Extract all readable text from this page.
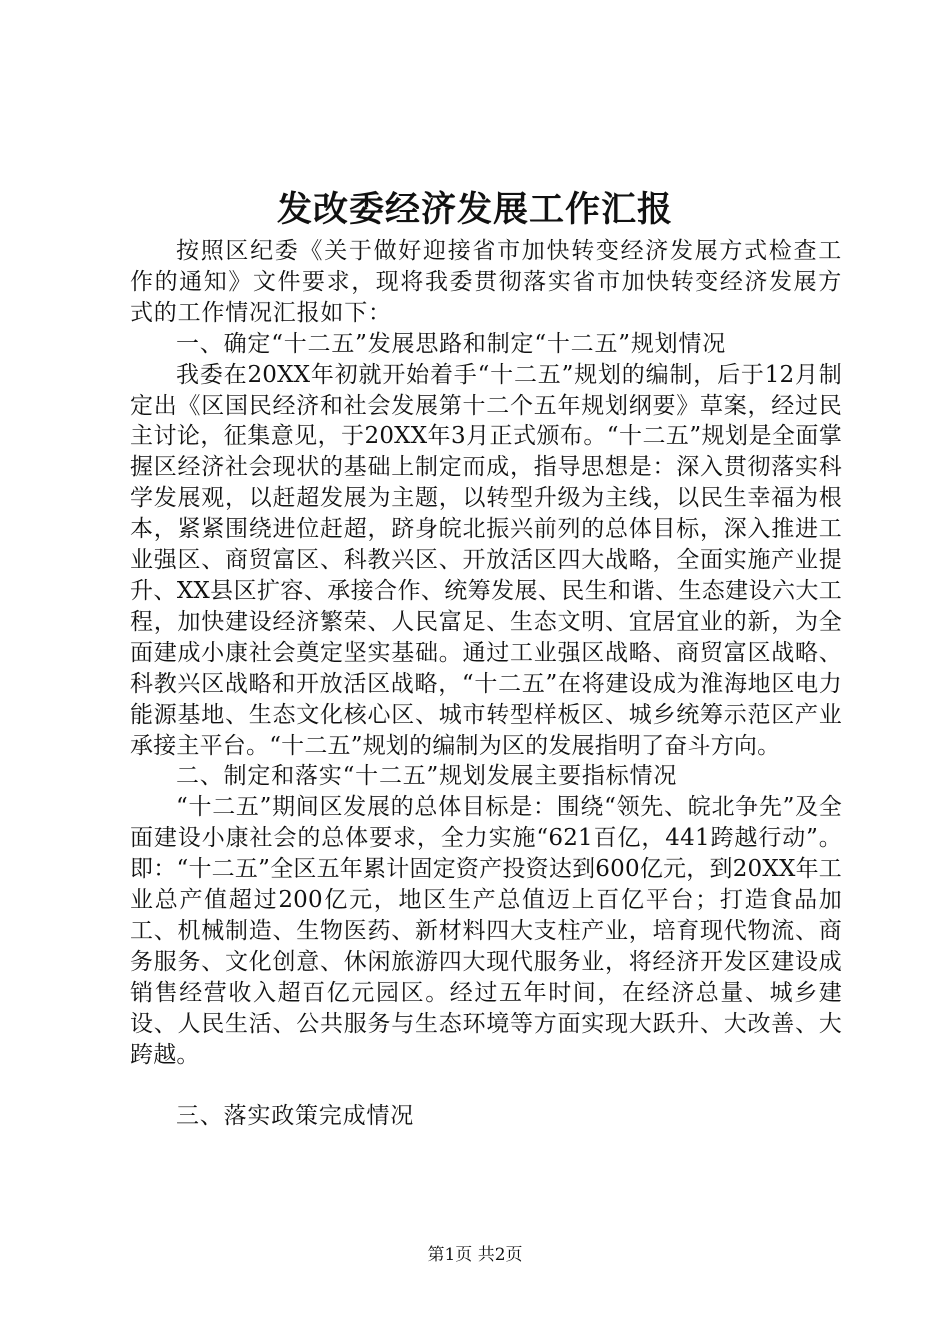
发改委经济发展工作汇报

按照区纪委《关于做好迎接省市加快转变经济发展方式检查工作的通知》文件要求，现将我委贯彻落实省市加快转变经济发展方式的工作情况汇报如下：

一、确定“十二五”发展思路和制定“十二五”规划情况

我委在20XX年初就开始着手“十二五”规划的编制，后于12月制定出《区国民经济和社会发展第十二个五年规划纲要》草案，经过民主讨论，征集意见，于20XX年3月正式颁布。“十二五”规划是全面掌握区经济社会现状的基础上制定而成，指导思想是：深入贯彻落实科学发展观，以赶超发展为主题，以转型升级为主线，以民生幸福为根本，紧紧围绕进位赶超，跻身皖北振兴前列的总体目标，深入推进工业强区、商贸富区、科教兴区、开放活区四大战略，全面实施产业提升、XX县区扩容、承接合作、统筹发展、民生和谐、生态建设六大工程，加快建设经济繁荣、人民富足、生态文明、宜居宜业的新，为全面建成小康社会奠定坚实基础。通过工业强区战略、商贸富区战略、科教兴区战略和开放活区战略，“十二五”在将建设成为淮海地区电力能源基地、生态文化核心区、城市转型样板区、城乡统筹示范区产业承接主平台。“十二五”规划的编制为区的发展指明了奋斗方向。

二、制定和落实“十二五”规划发展主要指标情况

“十二五”期间区发展的总体目标是：围绕“领先、皖北争先”及全面建设小康社会的总体要求，全力实施“621百亿，441跨越行动”。即：“十二五”全区五年累计固定资产投资达到600亿元，到20XX年工业总产值超过200亿元，地区生产总值迈上百亿平台；打造食品加工、机械制造、生物医药、新材料四大支柱产业，培育现代物流、商务服务、文化创意、休闲旅游四大现代服务业，将经济开发区建设成销售经营收入超百亿元园区。经过五年时间，在经济总量、城乡建设、人民生活、公共服务与生态环境等方面实现大跃升、大改善、大跨越。

三、落实政策完成情况

第1页 共2页
